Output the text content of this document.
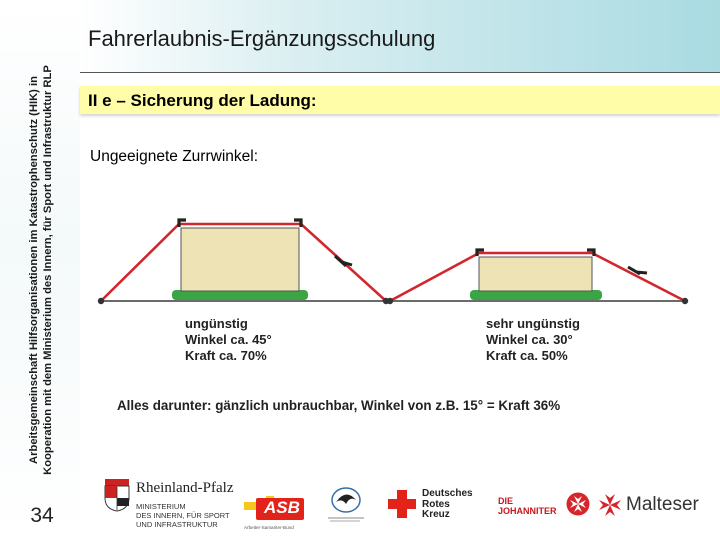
Arbeitsgemeinschaft Hilfsorganisationen im Katastrophenschutz (HIK) in Kooperation mit dem Ministerium des Innern, für Sport und Infrastruktur RLP
34
Fahrerlaubnis-Ergänzungsschulung
II e – Sicherung der Ladung:
Ungeeignete Zurrwinkel:
ungünstig
Winkel ca. 45°
Kraft ca. 70%
sehr ungünstig
Winkel ca. 30°
Kraft ca. 50%
Alles darunter: gänzlich unbrauchbar, Winkel von z.B. 15° = Kraft 36%
Rheinland-Pfalz
MINISTERIUM
DES INNERN, FÜR SPORT
UND INFRASTRUKTUR
ASB
Arbeiter-Samariter-Bund
Deutsches
Rotes
Kreuz
DIE
JOHANNITER	Malteser
